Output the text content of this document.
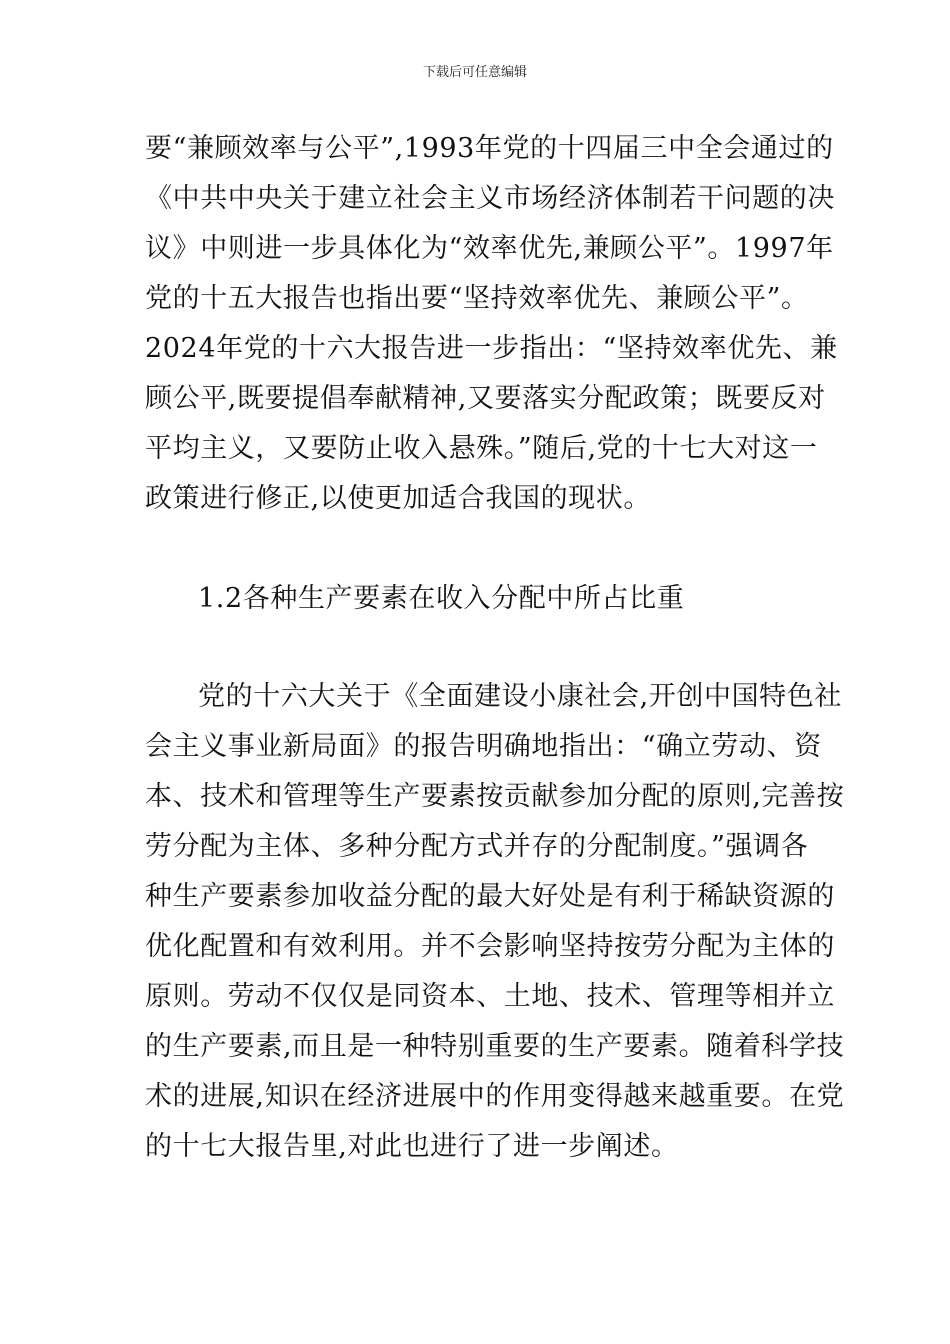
下载后可任意编辑
要“兼顾效率与公平”,1993年党的十四届三中全会通过的
《中共中央关于建立社会主义市场经济体制若干问题的决
议》中则进一步具体化为“效率优先,兼顾公平”。1997年
党的十五大报告也指出要“坚持效率优先、兼顾公平”。
2024年党的十六大报告进一步指出：“坚持效率优先、兼
顾公平,既要提倡奉献精神,又要落实分配政策；既要反对
平均主义，又要防止收入悬殊。”随后,党的十七大对这一
政策进行修正,以使更加适合我国的现状。
1.2各种生产要素在收入分配中所占比重
党的十六大关于《全面建设小康社会,开创中国特色社
会主义事业新局面》的报告明确地指出：“确立劳动、资
本、技术和管理等生产要素按贡献参加分配的原则,完善按
劳分配为主体、多种分配方式并存的分配制度。”强调各
种生产要素参加收益分配的最大好处是有利于稀缺资源的
优化配置和有效利用。并不会影响坚持按劳分配为主体的
原则。劳动不仅仅是同资本、土地、技术、管理等相并立
的生产要素,而且是一种特别重要的生产要素。随着科学技
术的进展,知识在经济进展中的作用变得越来越重要。在党
的十七大报告里,对此也进行了进一步阐述。
